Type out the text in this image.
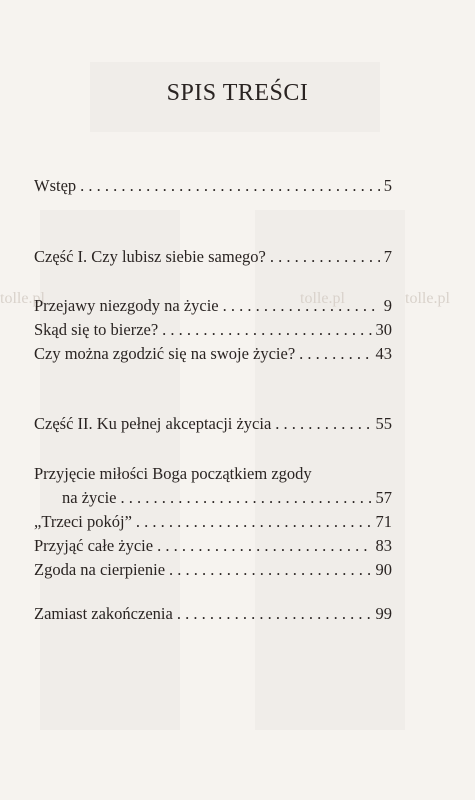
tolle.pl	tolle.pl	tolle.pl
SPIS TREŚCI
Wstęp . . .	5
Część I. Czy lubisz siebie samego? . . .	7
Przejawy niezgody na życie . . .	9
Skąd się to bierze? . . .	30
Czy można zgodzić się na swoje życie? . . .	43
Część II. Ku pełnej akceptacji życia . . .	55
Przyjęcie miłości Boga początkiem zgody
na życie . . .	57
„Trzeci pokój” . . .	71
Przyjąć całe życie . . .	83
Zgoda na cierpienie . . .	90
Zamiast zakończenia . . .	99
